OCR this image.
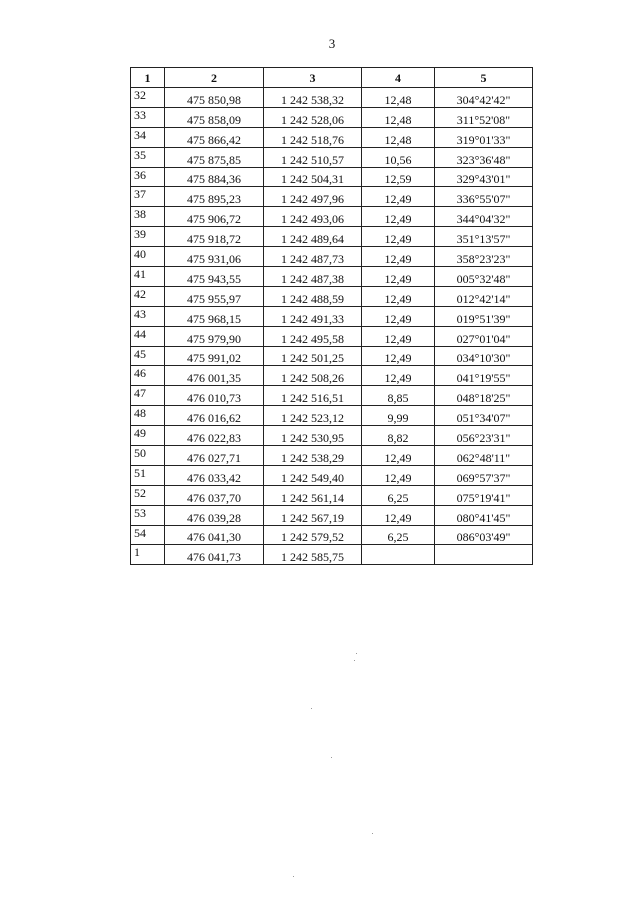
3
1	2	3	4	5
32	475 850,98	1 242 538,32	12,48	304°42'42"
33	475 858,09	1 242 528,06	12,48	311°52'08"
34	475 866,42	1 242 518,76	12,48	319°01'33"
35	475 875,85	1 242 510,57	10,56	323°36'48"
36	475 884,36	1 242 504,31	12,59	329°43'01"
37	475 895,23	1 242 497,96	12,49	336°55'07"
38	475 906,72	1 242 493,06	12,49	344°04'32"
39	475 918,72	1 242 489,64	12,49	351°13'57"
40	475 931,06	1 242 487,73	12,49	358°23'23"
41	475 943,55	1 242 487,38	12,49	005°32'48"
42	475 955,97	1 242 488,59	12,49	012°42'14"
43	475 968,15	1 242 491,33	12,49	019°51'39"
44	475 979,90	1 242 495,58	12,49	027°01'04"
45	475 991,02	1 242 501,25	12,49	034°10'30"
46	476 001,35	1 242 508,26	12,49	041°19'55"
47	476 010,73	1 242 516,51	8,85	048°18'25"
48	476 016,62	1 242 523,12	9,99	051°34'07"
49	476 022,83	1 242 530,95	8,82	056°23'31"
50	476 027,71	1 242 538,29	12,49	062°48'11"
51	476 033,42	1 242 549,40	12,49	069°57'37"
52	476 037,70	1 242 561,14	6,25	075°19'41"
53	476 039,28	1 242 567,19	12,49	080°41'45"
54	476 041,30	1 242 579,52	6,25	086°03'49"
1	476 041,73	1 242 585,75		
